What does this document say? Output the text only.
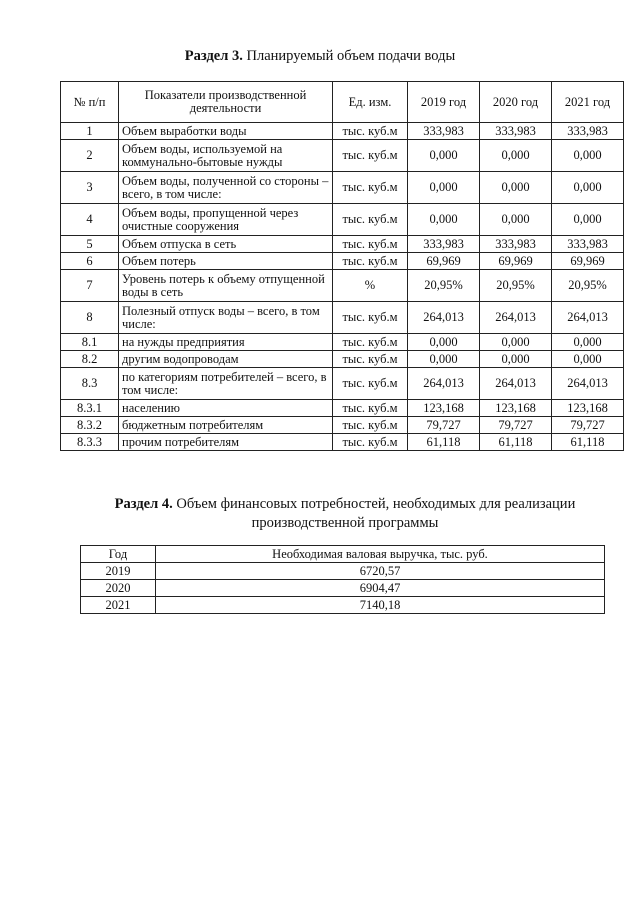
Раздел 3. Планируемый объем подачи воды
№ п/п	Показатели производственной деятельности	Ед. изм.	2019 год	2020 год	2021 год
1	Объем выработки воды	тыс. куб.м	333,983	333,983	333,983
2	Объем воды, используемой на коммунально-бытовые нужды	тыс. куб.м	0,000	0,000	0,000
3	Объем воды, полученной со стороны – всего, в том числе:	тыс. куб.м	0,000	0,000	0,000
4	Объем воды, пропущенной через очистные сооружения	тыс. куб.м	0,000	0,000	0,000
5	Объем отпуска в сеть	тыс. куб.м	333,983	333,983	333,983
6	Объем потерь	тыс. куб.м	69,969	69,969	69,969
7	Уровень потерь к объему отпущенной воды в сеть	%	20,95%	20,95%	20,95%
8	Полезный отпуск воды – всего, в том числе:	тыс. куб.м	264,013	264,013	264,013
8.1	на нужды предприятия	тыс. куб.м	0,000	0,000	0,000
8.2	другим водопроводам	тыс. куб.м	0,000	0,000	0,000
8.3	по категориям потребителей – всего, в том числе:	тыс. куб.м	264,013	264,013	264,013
8.3.1	населению	тыс. куб.м	123,168	123,168	123,168
8.3.2	бюджетным потребителям	тыс. куб.м	79,727	79,727	79,727
8.3.3	прочим потребителям	тыс. куб.м	61,118	61,118	61,118
Раздел 4. Объем финансовых потребностей, необходимых для реализации производственной программы
Год	Необходимая валовая выручка, тыс. руб.
2019	6720,57
2020	6904,47
2021	7140,18
